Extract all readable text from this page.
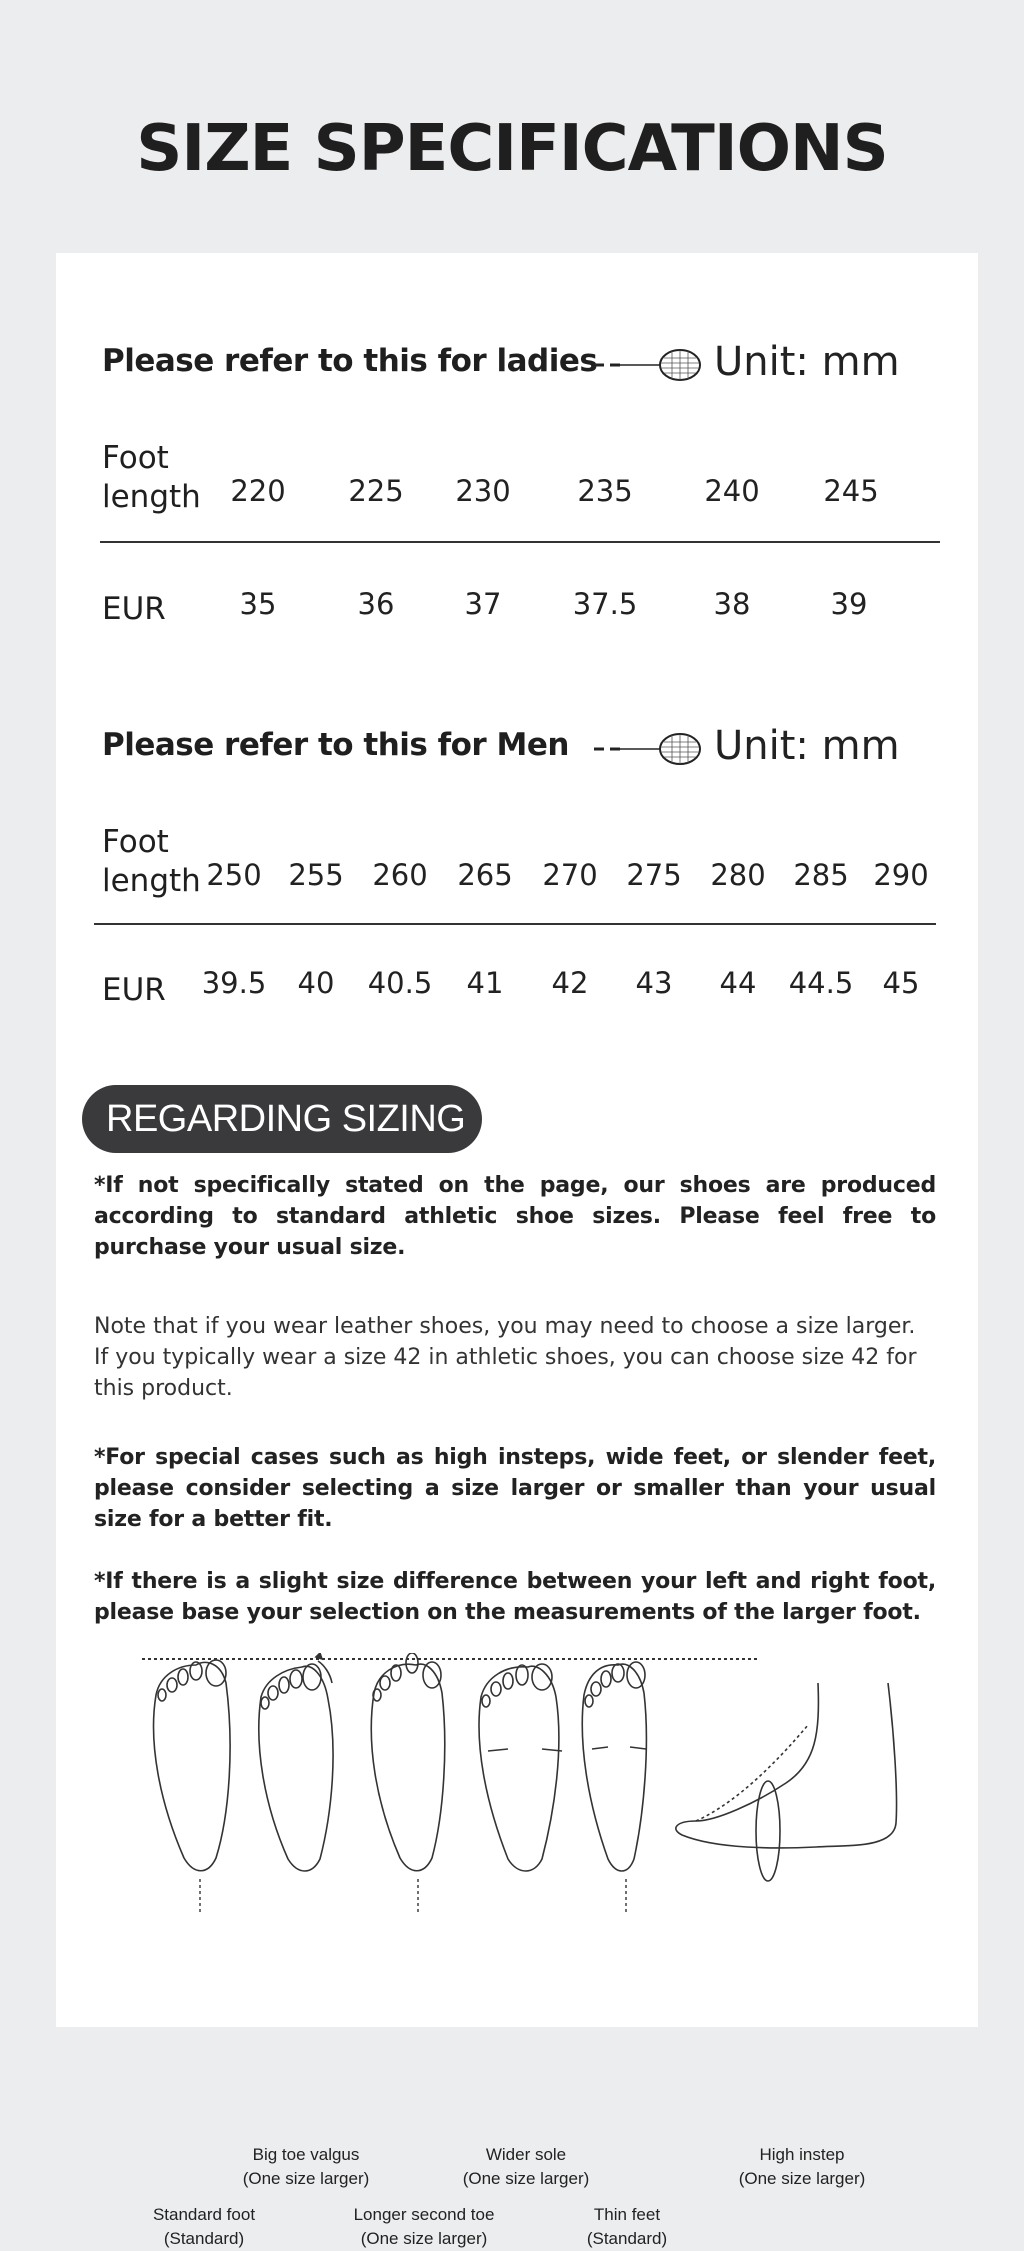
SIZE SPECIFICATIONS
Please refer to this for ladies	Unit: mm
Foot
length 220 225 230 235 240 245
EUR	35	36 37 37.5	38	39
Please refer to this for Men	Unit: mm
Foot
length 250 255 260 265 270 275 280 285 290
EUR 39.5 40 40.5 41 42 43 44 44.5 45
REGARDING SIZING
*If not specifically stated on the page, our shoes are produced according to standard athletic shoe sizes. Please feel free to purchase your usual size.
Note that if you wear leather shoes, you may need to choose a size larger.
If you typically wear a size 42 in athletic shoes, you can choose size 42 for this product.
*For special cases such as high insteps, wide feet, or slender feet, please consider selecting a size larger or smaller than your usual size for a better fit.
*If there is a slight size difference between your left and right foot, please base your selection on the measurements of the larger foot.
Big toe valgus
(One size larger)
Wider sole
(One size larger)
High instep
(One size larger)
Standard foot
(Standard)
Longer second toe
(One size larger)
Thin feet
(Standard)
